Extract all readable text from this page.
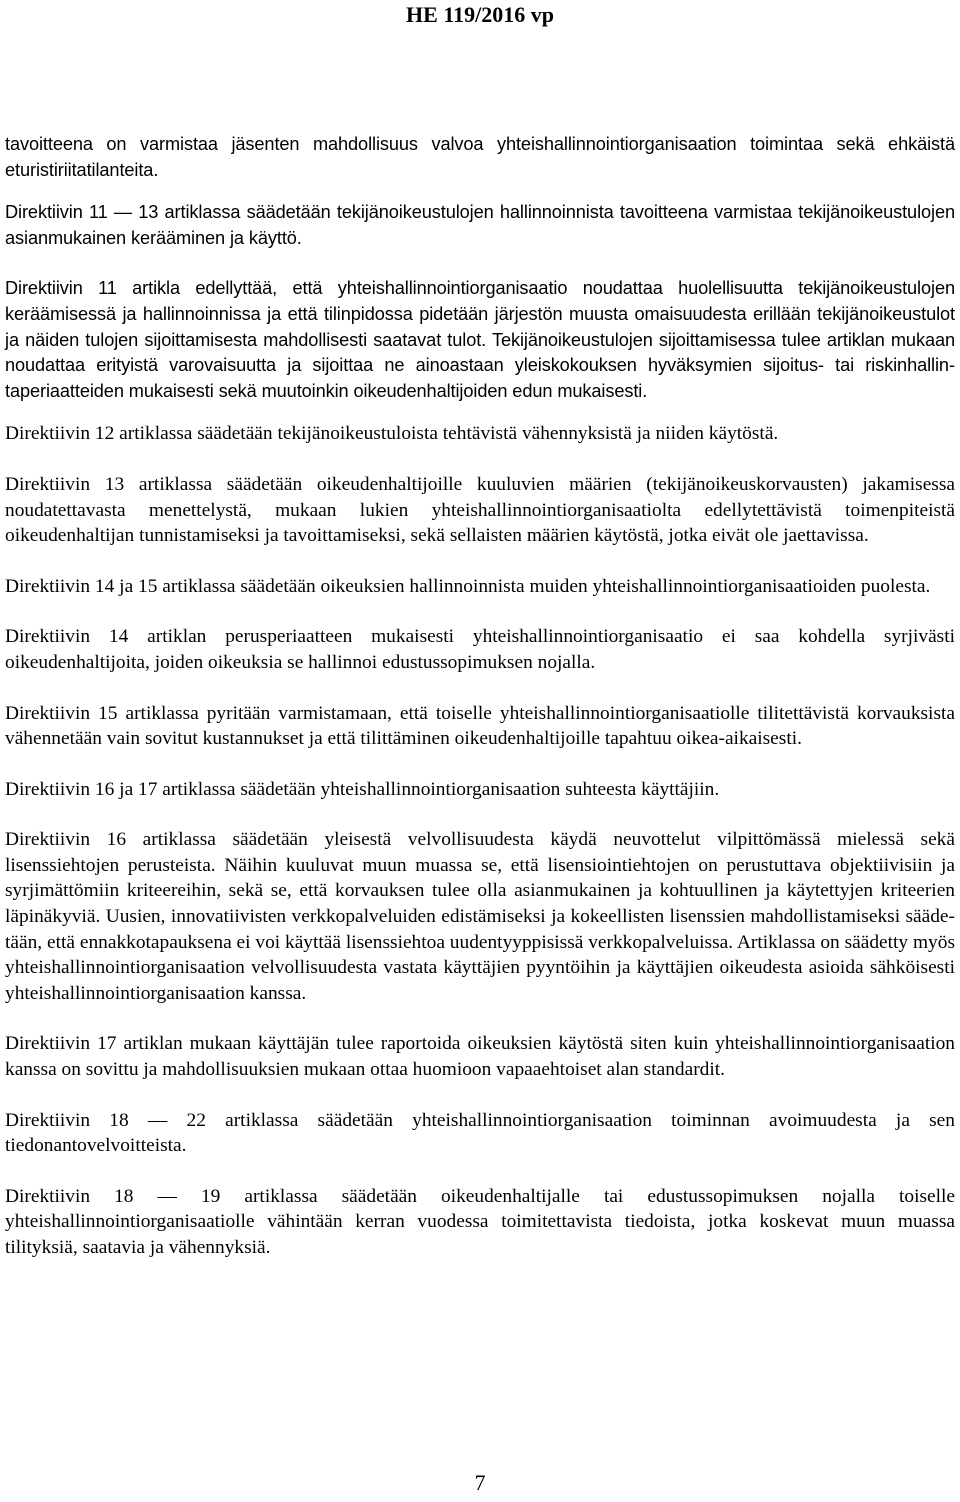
HE 119/2016 vp

tavoitteena on varmistaa jäsenten mahdollisuus valvoa yhteishallinnointiorganisaation toimintaa sekä ehkäistä eturistiriitatilanteita.

Direktiivin 11 — 13 artiklassa säädetään tekijänoikeustulojen hallinnoinnista tavoitteena varmistaa tekijänoikeustulojen asianmukainen kerääminen ja käyttö.

Direktiivin 11 artikla edellyttää, että yhteishallinnointiorganisaatio noudattaa huolellisuutta tekijänoikeustulojen keräämisessä ja hallinnoinnissa ja että tilinpidossa pidetään järjestön muusta omaisuudesta erillään tekijänoikeustulot ja näiden tulojen sijoittamisesta mahdollisesti saatavat tulot. Tekijänoikeustulojen sijoittamisessa tulee artiklan mukaan noudattaa erityistä varovaisuutta ja sijoittaa ne ainoastaan yleiskokouksen hyväksymien sijoitus- tai riskinhallintaperiaatteiden mukaisesti sekä muutoinkin oikeudenhaltijoiden edun mukaisesti.

Direktiivin 12 artiklassa säädetään tekijänoikeustuloista tehtävistä vähennyksistä ja niiden käytöstä.

Direktiivin 13 artiklassa säädetään oikeudenhaltijoille kuuluvien määrien (tekijänoikeuskorvausten) jakamisessa noudatettavasta menettelystä, mukaan lukien yhteishallinnointiorganisaatiolta edellytettävistä toimenpiteistä oikeudenhaltijan tunnistamiseksi ja tavoittamiseksi, sekä sellaisten määrien käytöstä, jotka eivät ole jaettavissa.

Direktiivin 14 ja 15 artiklassa säädetään oikeuksien hallinnoinnista muiden yhteishallinnointiorganisaatioiden puolesta.

Direktiivin 14 artiklan perusperiaatteen mukaisesti yhteishallinnointiorganisaatio ei saa kohdella syrjivästi oikeudenhaltijoita, joiden oikeuksia se hallinnoi edustussopimuksen nojalla.

Direktiivin 15 artiklassa pyritään varmistamaan, että toiselle yhteishallinnointiorganisaatiolle tilitettävistä korvauksista vähennetään vain sovitut kustannukset ja että tilittäminen oikeudenhaltijoille tapahtuu oikea-aikaisesti.

Direktiivin 16 ja 17 artiklassa säädetään yhteishallinnointiorganisaation suhteesta käyttäjiin.

Direktiivin 16 artiklassa säädetään yleisestä velvollisuudesta käydä neuvottelut vilpittömässä mielessä sekä lisenssiehtojen perusteista. Näihin kuuluvat muun muassa se, että lisensiointiehtojen on perustuttava objektiivisiin ja syrjimättömiin kriteereihin, sekä se, että korvauksen tulee olla asianmukainen ja kohtuullinen ja käytettyjen kriteerien läpinäkyviä. Uusien, innovatiivisten verkkopalveluiden edistämiseksi ja kokeellisten lisenssien mahdollistamiseksi säädetään, että ennakkotapauksena ei voi käyttää lisenssiehtoa uudentyyppisissä verkkopalveluissa. Artiklassa on säädetty myös yhteishallinnointiorganisaation velvollisuudesta vastata käyttäjien pyyntöihin ja käyttäjien oikeudesta asioida sähköisesti yhteishallinnointiorganisaation kanssa.

Direktiivin 17 artiklan mukaan käyttäjän tulee raportoida oikeuksien käytöstä siten kuin yhteishallinnointiorganisaation kanssa on sovittu ja mahdollisuuksien mukaan ottaa huomioon vapaaehtoiset alan standardit.

Direktiivin 18 — 22 artiklassa säädetään yhteishallinnointiorganisaation toiminnan avoimuudesta ja sen tiedonantovelvoitteista.

Direktiivin 18 — 19 artiklassa säädetään oikeudenhaltijalle tai edustussopimuksen nojalla toiselle yhteishallinnointiorganisaatiolle vähintään kerran vuodessa toimitettavista tiedoista, jotka koskevat muun muassa tilityksiä, saatavia ja vähennyksiä.

7
